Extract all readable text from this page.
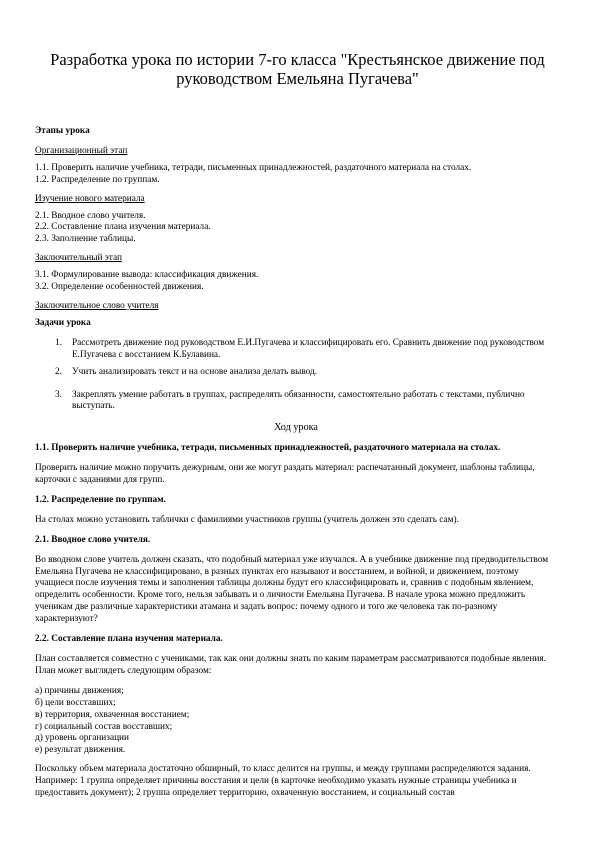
Разработка урока по истории 7-го класса "Крестьянское движение под руководством Емельяна Пугачева"

Этапы урока

Организационный этап

1.1. Проверить наличие учебника, тетради, письменных принадлежностей, раздаточного материала на столах.
1.2. Распределение по группам.

Изучение нового материала

2.1. Вводное слово учителя.
2.2. Составление плана изучения материала.
2.3. Заполнение таблицы.

Заключительный этап

3.1. Формулирование вывода: классификация движения.
3.2. Определение особенностей движения.

Заключительное слово учителя

Задачи урока

1. Рассмотреть движение под руководством Е.И.Пугачева и классифицировать его. Сравнить движение под руководством Е.Пугачева с восстанием К.Булавина.
2. Учить анализировать текст и на основе анализа делать вывод.
3. Закреплять умение работать в группах, распределять обязанности, самостоятельно работать с текстами, публично выступать.

Ход урока

1.1. Проверить наличие учебника, тетради, письменных принадлежностей, раздаточного материала на столах.

Проверить наличие можно поручить дежурным, они же могут раздать материал: распечатанный документ, шаблоны таблицы, карточки с заданиями для групп.

1.2. Распределение по группам.

На столах можно установить таблички с фамилиями участников группы (учитель должен это сделать сам).

2.1. Вводное слово учителя.

Во вводном слове учитель должен сказать, что подобный материал уже изучался. А в учебнике движение под предводительством Емельяна Пугачева не классифицировано, в разных пунктах его называют и восстанием, и войной, и движением, поэтому учащиеся после изучения темы и заполнения таблицы должны будут его классифицировать и, сравнив с подобным явлением, определить особенности. Кроме того, нельзя забывать и о личности Емельяна Пугачева. В начале урока можно предложить ученикам две различные характеристики атамана и задать вопрос: почему одного и того же человека так по-разному характеризуют?

2.2. Составление плана изучения материала.

План составляется совместно с учениками, так как они должны знать по каким параметрам рассматриваются подобные явления. План может выглядеть следующим образом:

а) причины движения;
б) цели восставших;
в) территория, охваченная восстанием;
г) социальный состав восставших;
д) уровень организации
е) результат движения.

Поскольку объем материала достаточно обширный, то класс делится на группы, и между группами распределяются задания. Например: 1 группа определяет причины восстания и цели (в карточке необходимо указать нужные страницы учебника и предоставить документ); 2 группа определяет территорию, охваченную восстанием, и социальный состав
